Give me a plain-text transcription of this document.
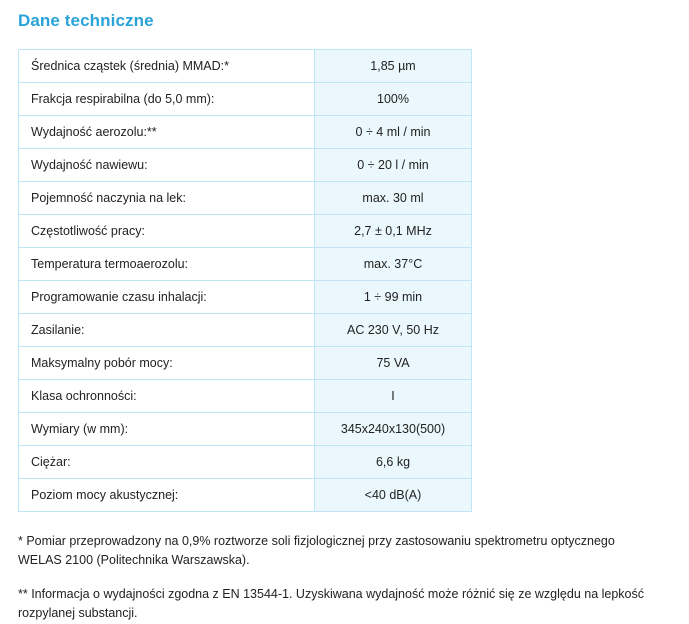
Dane techniczne
Średnica cząstek (średnia) MMAD:*	1,85 µm
Frakcja respirabilna (do 5,0 mm):	100%
Wydajność aerozolu:**	0 ÷ 4 ml / min
Wydajność nawiewu:	0 ÷ 20 l / min
Pojemność naczynia na lek:	max. 30 ml
Częstotliwość pracy:	2,7 ± 0,1 MHz
Temperatura termoaerozolu:	max. 37°C
Programowanie czasu inhalacji:	1 ÷ 99 min
Zasilanie:	AC 230 V, 50 Hz
Maksymalny pobór mocy:	75 VA
Klasa ochronności:	I
Wymiary (w mm):	345x240x130(500)
Ciężar:	6,6 kg
Poziom mocy akustycznej:	<40 dB(A)
* Pomiar przeprowadzony na 0,9% roztworze soli fizjologicznej przy zastosowaniu spektrometru optycznego WELAS 2100 (Politechnika Warszawska).
** Informacja o wydajności zgodna z EN 13544-1. Uzyskiwana wydajność może różnić się ze względu na lepkość rozpylanej substancji.
